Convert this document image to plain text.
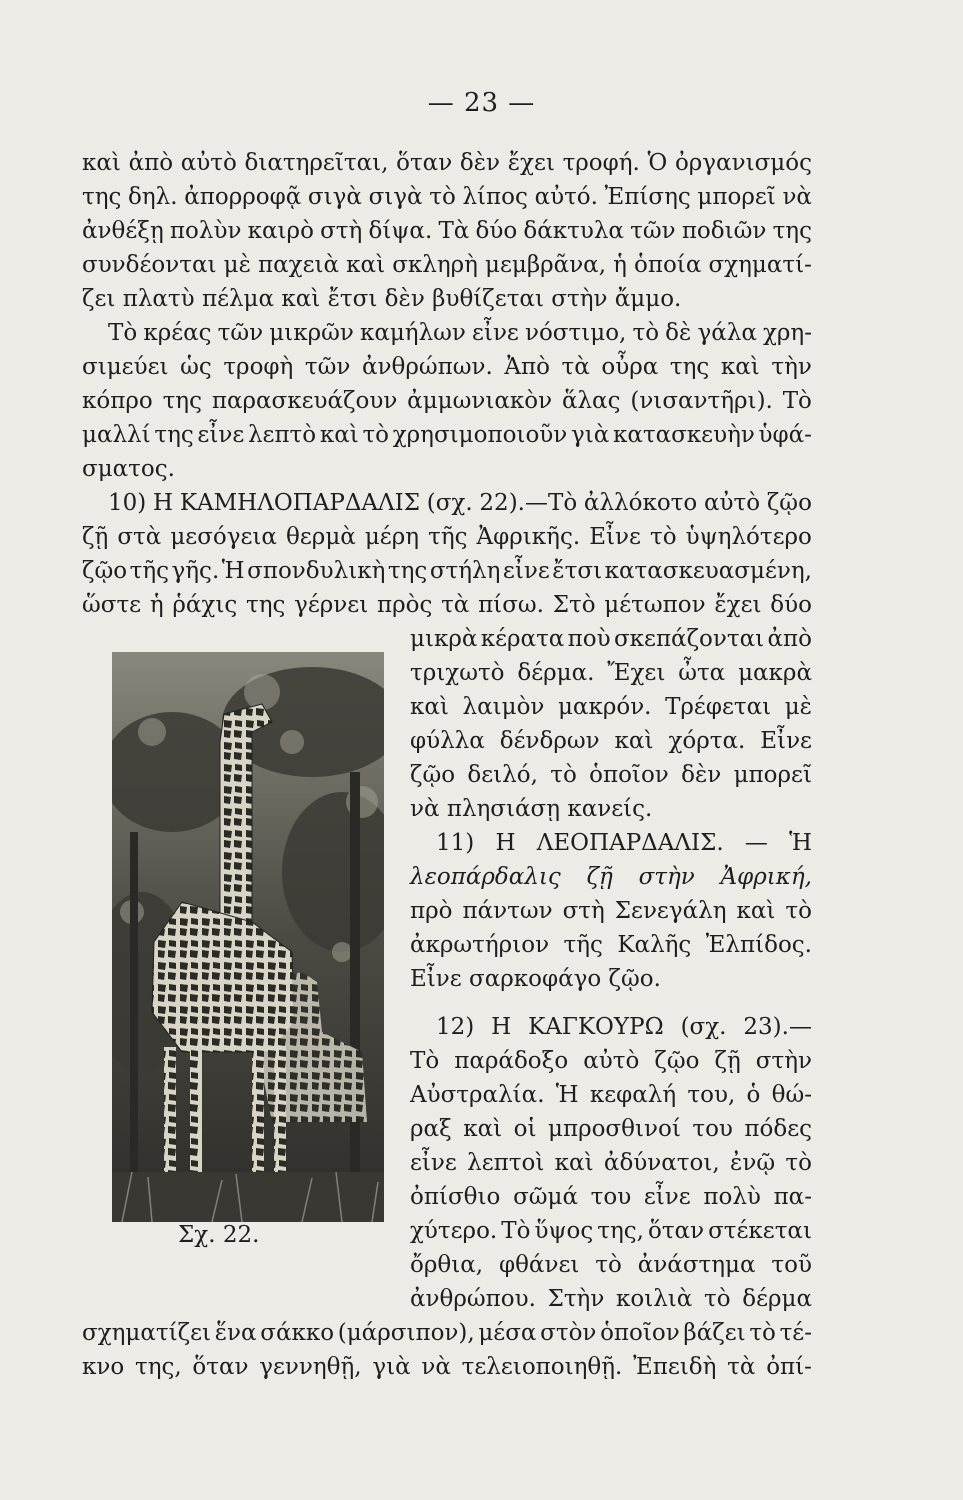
— 23 —
καὶ ἀπὸ αὐτὸ διατηρεῖται, ὅταν δὲν ἔχει τροφή. Ὁ ὀργανισμός
της δηλ. ἀπορροφᾷ σιγὰ σιγὰ τὸ λίπος αὐτό. Ἐπίσης μπορεῖ νὰ
ἀνθέξῃ πολὺν καιρὸ στὴ δίψα. Τὰ δύο δάκτυλα τῶν ποδιῶν της
συνδέονται μὲ παχειὰ καὶ σκληρὴ μεμβρᾶνα, ἡ ὁποία σχηματί-
ζει πλατὺ πέλμα καὶ ἔτσι δὲν βυθίζεται στὴν ἄμμο.
Τὸ κρέας τῶν μικρῶν καμήλων εἶνε νόστιμο, τὸ δὲ γάλα χρη-
σιμεύει ὡς τροφὴ τῶν ἀνθρώπων. Ἀπὸ τὰ οὖρα της καὶ τὴν
κόπρο της παρασκευάζουν ἀμμωνιακὸν ἅλας (νισαντῆρι). Τὸ
μαλλί της εἶνε λεπτὸ καὶ τὸ χρησιμοποιοῦν γιὰ κατασκευὴν ὑφά-
σματος.
10) Η ΚΑΜΗΛΟΠΑΡΔΑΛΙΣ (σχ. 22).—Τὸ ἀλλόκοτο αὐτὸ ζῷο
ζῇ στὰ μεσόγεια θερμὰ μέρη τῆς Ἀφρικῆς. Εἶνε τὸ ὑψηλότερο
ζῷο τῆς γῆς. Ἡ σπονδυλικὴ της στήλη εἶνε ἔτσι κατασκευασμένη,
ὥστε ἡ ῥάχις της γέρνει πρὸς τὰ πίσω. Στὸ μέτωπον ἔχει δύο
Σχ. 22.
μικρὰ κέρατα ποὺ σκεπάζονται ἀπὸ
τριχωτὸ δέρμα. Ἔχει ὦτα μακρὰ
καὶ λαιμὸν μακρόν. Τρέφεται μὲ
φύλλα δένδρων καὶ χόρτα. Εἶνε
ζῷο δειλό, τὸ ὁποῖον δὲν μπορεῖ
νὰ πλησιάσῃ κανείς.
11) Η ΛΕΟΠΑΡΔΑΛΙΣ. — Ἡ
λεοπάρδαλις ζῇ στὴν Ἀφρική,
πρὸ πάντων στὴ Σενεγάλη καὶ τὸ
ἀκρωτήριον τῆς Καλῆς Ἐλπίδος.
Εἶνε σαρκοφάγο ζῷο.
12) Η ΚΑΓΚΟΥΡΩ (σχ. 23).—
Τὸ παράδοξο αὐτὸ ζῷο ζῇ στὴν
Αὐστραλία. Ἡ κεφαλή του, ὁ θώ-
ραξ καὶ οἱ μπροσθινοί του πόδες
εἶνε λεπτοὶ καὶ ἀδύνατοι, ἐνῷ τὸ
ὀπίσθιο σῶμά του εἶνε πολὺ πα-
χύτερο. Τὸ ὕψος της, ὅταν στέκεται
ὄρθια, φθάνει τὸ ἀνάστημα τοῦ
ἀνθρώπου. Στὴν κοιλιὰ τὸ δέρμα
σχηματίζει ἕνα σάκκο (μάρσιπον), μέσα στὸν ὁποῖον βάζει τὸ τέ-
κνο της, ὅταν γεννηθῇ, γιὰ νὰ τελειοποιηθῇ. Ἐπειδὴ τὰ ὀπί-
